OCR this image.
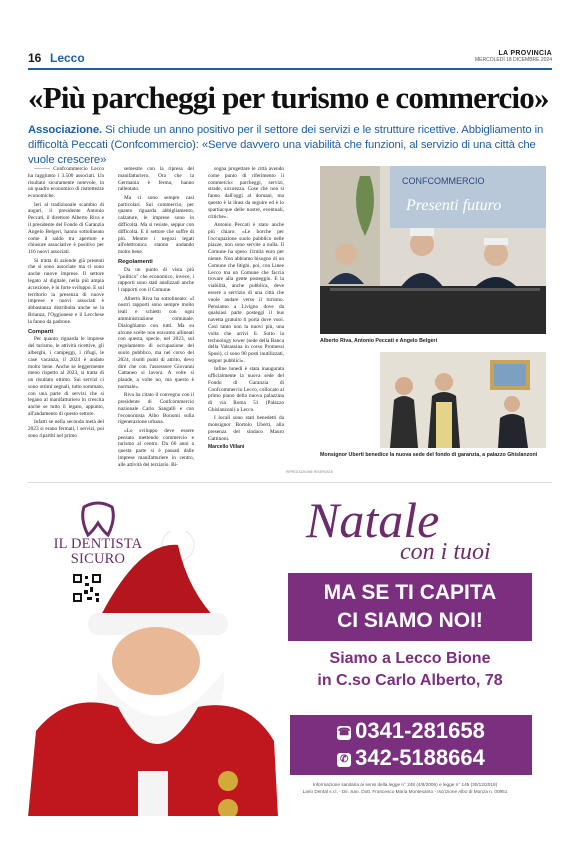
16 Lecco	LA PROVINCIA
MERCOLEDÌ 18 DICEMBRE 2024
«Più parcheggi per turismo e commercio»
Associazione. Si chiude un anno positivo per il settore dei servizi e le strutture ricettive. Abbigliamento in difficoltà Peccati (Confcommercio): «Serve davvero una viabilità che funzioni, al servizio di una città che vuole crescere»

——— Confcommercio Lecco ha raggiunto i 3.500 associati. Un risultato sicuramente notevole, in un quadro economico di ristrettezze economiche.

Ieri al tradizionale scambio di auguri, il presidente Antonio Peccati, il direttore Alberto Riva e il presidente del Fondo di Garanzia Angelo Belgeri, hanno sottolineato come il saldo tra aperture e chiusure associative è positivo per 116 nuovi associati.

Si tratta di aziende già presenti che si sono associate ma ci sono anche nuove imprese. Il settore legato al digitale, nella più ampia accezione, è in forte sviluppo. E sul territorio la presenza di nuove imprese e nuovi associati è abbastanza distribuita anche se la Brianza, l'Oggionese e il Lecchese la fanno da padrone.

Comparti

Per quanto riguarda le imprese del turismo, le attività ricettive, gli alberghi, i campeggi, i rifugi, le case vacanza, il 2024 è andato molto bene. Anche se leggermente meno rispetto al 2023, si tratta di un risultato ottimo. Sui servizi ci sono ottimi segnali, tutto sommato, con una parte di servizi che si legano al manifatturiero in crescita anche se tutto il legato, appunto, all'andamento di questo settore.

Infatti se nella seconda metà del 2023 si erano fermati, i servizi, poi sono ripartiti nel primo

semestre con la ripresa del manifatturiero. Ora che la Germania è ferma, hanno rallentato.

Ma ci sono sempre casi particolari. Sul commercio, per quanto riguarda abbigliamento, calzature, le imprese sono in difficoltà. Ma si resiste, seppur con difficoltà. E il settore che soffre di più. Mentre i negozi legati all'elettronica stanno andando molto bene.

Regolamenti

Da un punto di vista più "politico" che economico, invece, i rapporti sono stati analizzati anche i rapporti con il Comune.

Alberto Riva ha sottolineato: «I nostri rapporti sono sempre molto leali e schietti con ogni amministrazione comunale. Dialoghiamo con tutti. Ma su alcune scelte non eravamo allineati con questa, specie, nel 2023, sul regolamento di occupazione del suolo pubblico, ma nel corso del 2024, risolti punti di attrito, devo dire che con l'assessore Giovanni Cattaneo si lavora. A volte si plaude, a volte no, ma questo è normale».

Riva ha citato il convegno con il presidente di Confcommercio nazionale Carlo Sangalli e con l'economista Albo Bonomi sulla rigenerazione urbana.

«Lo sviluppo deve essere pensato mettendo commercio e turismo al centro. Da 60 anni a questa parte si è passati dalle imprese manifatturiere in centro, alle attività del terziario. Bi-

sogna progettare le città avendo come punto di riferimento il commercio: parcheggi, servizi, strade, sicurezza. Cose che non si fanno dall'oggi al domani, ma questo è la linea da seguire ed è lo spartiacque delle nostre, eventuali, critiche».

Antonio Peccati è stato anche più chiaro: «Le borche per l'occupazione suolo pubblico nelle piazze, non sono servite a nulla. Il Comune ha speso 11mila euro per niente. Non abbiamo bisogno di un Comune che litighi, poi, con Linee Lecco ma un Comune che faccia trovare alla gente posteggio. E la viabilità, anche pubblica, deve essere a servizio di una città che vuole andare verso il turismo. Pensiamo a Livigno dove da qualsiasi parte posteggi il bus navetta gratuito ti porta dove vuoi. Così tanto non la nuovi più, una volta che arrivi lì. Sotto la technology tower (sede della Banca della Valsassina in corso Promessi Sposi), ci sono 90 posti inutilizzati, seppur pubblici».

Infine lunedì è stata inaugurata ufficialmente la nuova sede del Fondo di Garanzia di Confcommercio Lecco, collocato al primo piano della nuova palazzina di via Roma 51 (Palazzo Ghislanzoni) a Lecco.

I locali sono stati benedetti da monsignor Bortolo Uberti, alla presenza del sindaco Mauro Gattinoni.

Marcello Villani

CONFCOMMERCIO
Presenti futuro
Alberto Riva, Antonio Peccati e Angelo Belgeri
Monsignor Uberti benedice la nuova sede del fondo di garanzia, a palazzo Ghislanzoni
RIPRODUZIONE RISERVATA
IL DENTISTA SICURO
Natale
con i tuoi
MA SE TI CAPITA
CI SIAMO NOI!
Siamo a Lecco Bione
in C.so Carlo Alberto, 78
☎ 0341-281658
✆ 342-5188664
Informazione sanitaria ai sensi della legge n° 248 (4/8/2006) e legge n° 145 (30/12/2018)
Lario Dental s.r.l. - Dir. San. Dott. Francesco Maria Montesanto - Iscrizione Albo di Monza n. 00951
